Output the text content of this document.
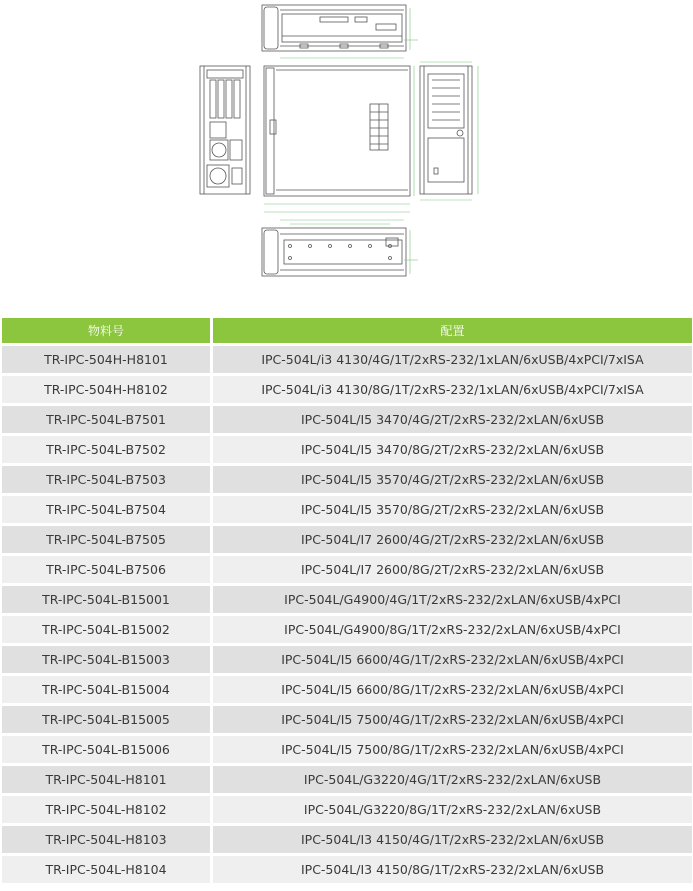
物料号	配置
TR-IPC-504H-H8101	IPC-504L/i3 4130/4G/1T/2xRS-232/1xLAN/6xUSB/4xPCI/7xISA
TR-IPC-504H-H8102	IPC-504L/i3 4130/8G/1T/2xRS-232/1xLAN/6xUSB/4xPCI/7xISA
TR-IPC-504L-B7501	IPC-504L/I5 3470/4G/2T/2xRS-232/2xLAN/6xUSB
TR-IPC-504L-B7502	IPC-504L/I5 3470/8G/2T/2xRS-232/2xLAN/6xUSB
TR-IPC-504L-B7503	IPC-504L/I5 3570/4G/2T/2xRS-232/2xLAN/6xUSB
TR-IPC-504L-B7504	IPC-504L/I5 3570/8G/2T/2xRS-232/2xLAN/6xUSB
TR-IPC-504L-B7505	IPC-504L/I7 2600/4G/2T/2xRS-232/2xLAN/6xUSB
TR-IPC-504L-B7506	IPC-504L/I7 2600/8G/2T/2xRS-232/2xLAN/6xUSB
TR-IPC-504L-B15001	IPC-504L/G4900/4G/1T/2xRS-232/2xLAN/6xUSB/4xPCI
TR-IPC-504L-B15002	IPC-504L/G4900/8G/1T/2xRS-232/2xLAN/6xUSB/4xPCI
TR-IPC-504L-B15003	IPC-504L/I5 6600/4G/1T/2xRS-232/2xLAN/6xUSB/4xPCI
TR-IPC-504L-B15004	IPC-504L/I5 6600/8G/1T/2xRS-232/2xLAN/6xUSB/4xPCI
TR-IPC-504L-B15005	IPC-504L/I5 7500/4G/1T/2xRS-232/2xLAN/6xUSB/4xPCI
TR-IPC-504L-B15006	IPC-504L/I5 7500/8G/1T/2xRS-232/2xLAN/6xUSB/4xPCI
TR-IPC-504L-H8101	IPC-504L/G3220/4G/1T/2xRS-232/2xLAN/6xUSB
TR-IPC-504L-H8102	IPC-504L/G3220/8G/1T/2xRS-232/2xLAN/6xUSB
TR-IPC-504L-H8103	IPC-504L/I3 4150/4G/1T/2xRS-232/2xLAN/6xUSB
TR-IPC-504L-H8104	IPC-504L/I3 4150/8G/1T/2xRS-232/2xLAN/6xUSB
